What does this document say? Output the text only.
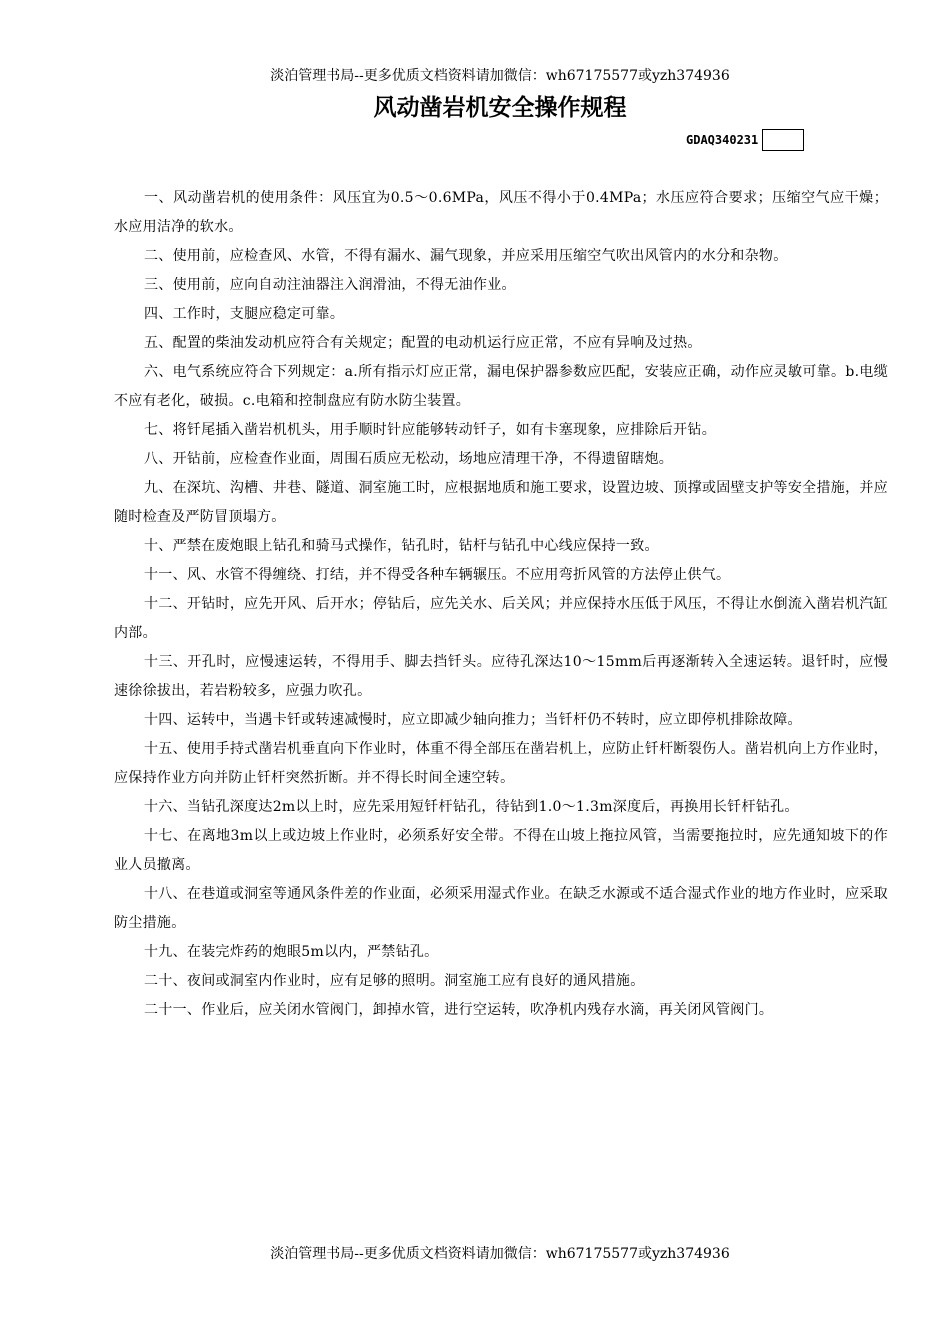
淡泊管理书局--更多优质文档资料请加微信：wh67175577或yzh374936
风动凿岩机安全操作规程
GDAQ340231

一、风动凿岩机的使用条件：风压宜为0.5～0.6MPa，风压不得小于0.4MPa；水压应符合要求；压缩空气应干燥；水应用洁净的软水。

二、使用前，应检查风、水管，不得有漏水、漏气现象，并应采用压缩空气吹出风管内的水分和杂物。

三、使用前，应向自动注油器注入润滑油，不得无油作业。

四、工作时，支腿应稳定可靠。

五、配置的柴油发动机应符合有关规定；配置的电动机运行应正常，不应有异响及过热。

六、电气系统应符合下列规定：a.所有指示灯应正常，漏电保护器参数应匹配，安装应正确，动作应灵敏可靠。b.电缆不应有老化，破损。c.电箱和控制盘应有防水防尘装置。

七、将钎尾插入凿岩机机头，用手顺时针应能够转动钎子，如有卡塞现象，应排除后开钻。

八、开钻前，应检查作业面，周围石质应无松动，场地应清理干净，不得遗留瞎炮。

九、在深坑、沟槽、井巷、隧道、洞室施工时，应根据地质和施工要求，设置边坡、顶撑或固壁支护等安全措施，并应随时检查及严防冒顶塌方。

十、严禁在废炮眼上钻孔和骑马式操作，钻孔时，钻杆与钻孔中心线应保持一致。

十一、风、水管不得缠绕、打结，并不得受各种车辆辗压。不应用弯折风管的方法停止供气。

十二、开钻时，应先开风、后开水；停钻后，应先关水、后关风；并应保持水压低于风压，不得让水倒流入凿岩机汽缸内部。

十三、开孔时，应慢速运转，不得用手、脚去挡钎头。应待孔深达10～15mm后再逐渐转入全速运转。退钎时，应慢速徐徐拔出，若岩粉较多，应强力吹孔。

十四、运转中，当遇卡钎或转速减慢时，应立即减少轴向推力；当钎杆仍不转时，应立即停机排除故障。

十五、使用手持式凿岩机垂直向下作业时，体重不得全部压在凿岩机上，应防止钎杆断裂伤人。凿岩机向上方作业时，应保持作业方向并防止钎杆突然折断。并不得长时间全速空转。

十六、当钻孔深度达2m以上时，应先采用短钎杆钻孔，待钻到1.0～1.3m深度后，再换用长钎杆钻孔。

十七、在离地3m以上或边坡上作业时，必须系好安全带。不得在山坡上拖拉风管，当需要拖拉时，应先通知坡下的作业人员撤离。

十八、在巷道或洞室等通风条件差的作业面，必须采用湿式作业。在缺乏水源或不适合湿式作业的地方作业时，应采取防尘措施。

十九、在装完炸药的炮眼5m以内，严禁钻孔。

二十、夜间或洞室内作业时，应有足够的照明。洞室施工应有良好的通风措施。

二十一、作业后，应关闭水管阀门，卸掉水管，进行空运转，吹净机内残存水滴，再关闭风管阀门。

淡泊管理书局--更多优质文档资料请加微信：wh67175577或yzh374936
